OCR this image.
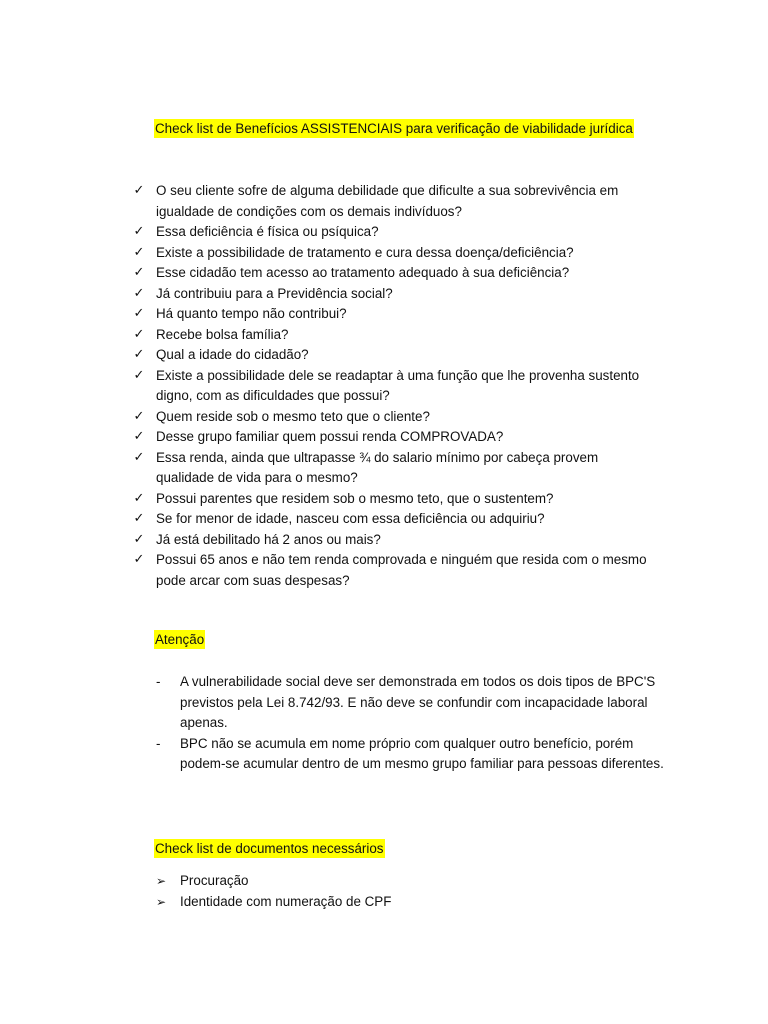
Check list de Benefícios ASSISTENCIAIS para verificação de viabilidade jurídica
✓ O seu cliente sofre de alguma debilidade que dificulte a sua sobrevivência em igualdade de condições com os demais indivíduos?
✓ Essa deficiência é física ou psíquica?
✓ Existe a possibilidade de tratamento e cura dessa doença/deficiência?
✓ Esse cidadão tem acesso ao tratamento adequado à sua deficiência?
✓ Já contribuiu para a Previdência social?
✓ Há quanto tempo não contribui?
✓ Recebe bolsa família?
✓ Qual a idade do cidadão?
✓ Existe a possibilidade dele se readaptar à uma função que lhe provenha sustento digno, com as dificuldades que possui?
✓ Quem reside sob o mesmo teto que o cliente?
✓ Desse grupo familiar quem possui renda COMPROVADA?
✓ Essa renda, ainda que ultrapasse ¾ do salario mínimo por cabeça provem qualidade de vida para o mesmo?
✓ Possui parentes que residem sob o mesmo teto, que o sustentem?
✓ Se for menor de idade, nasceu com essa deficiência ou adquiriu?
✓ Já está debilitado há 2 anos ou mais?
✓ Possui 65 anos e não tem renda comprovada e ninguém que resida com o mesmo pode arcar com suas despesas?
Atenção
- A vulnerabilidade social deve ser demonstrada em todos os dois tipos de BPC'S previstos pela Lei 8.742/93. E não deve se confundir com incapacidade laboral apenas.
- BPC não se acumula em nome próprio com qualquer outro benefício, porém podem-se acumular dentro de um mesmo grupo familiar para pessoas diferentes.
Check list de documentos necessários
➢ Procuração
➢ Identidade com numeração de CPF
